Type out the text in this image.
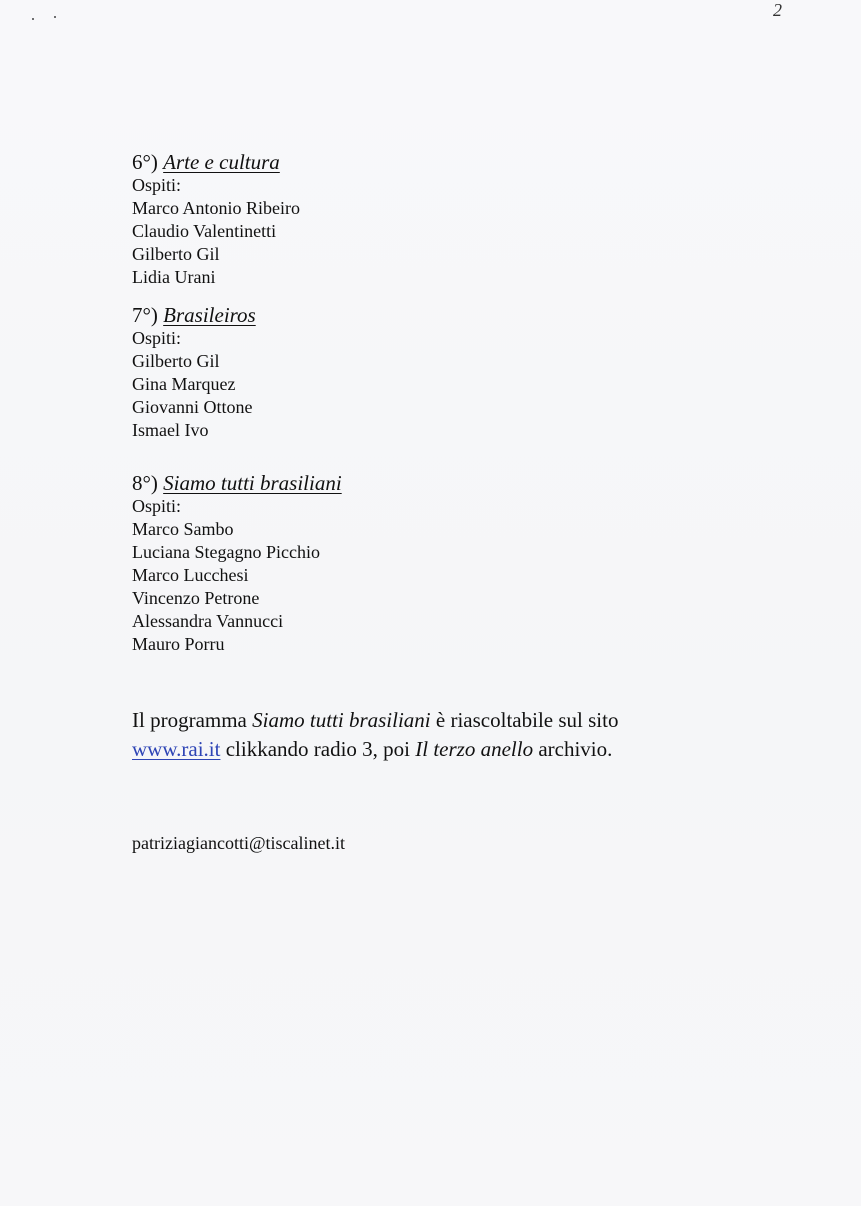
2
6°) Arte e cultura
Ospiti:
Marco Antonio Ribeiro
Claudio Valentinetti
Gilberto Gil
Lidia Urani
7°) Brasileiros
Ospiti:
Gilberto Gil
Gina Marquez
Giovanni Ottone
Ismael Ivo
8°) Siamo tutti brasiliani
Ospiti:
Marco Sambo
Luciana Stegagno Picchio
Marco Lucchesi
Vincenzo Petrone
Alessandra Vannucci
Mauro Porru
Il programma Siamo tutti brasiliani è riascoltabile sul sito
www.rai.it clikkando radio 3, poi Il terzo anello archivio.
patriziagiancotti@tiscalinet.it
